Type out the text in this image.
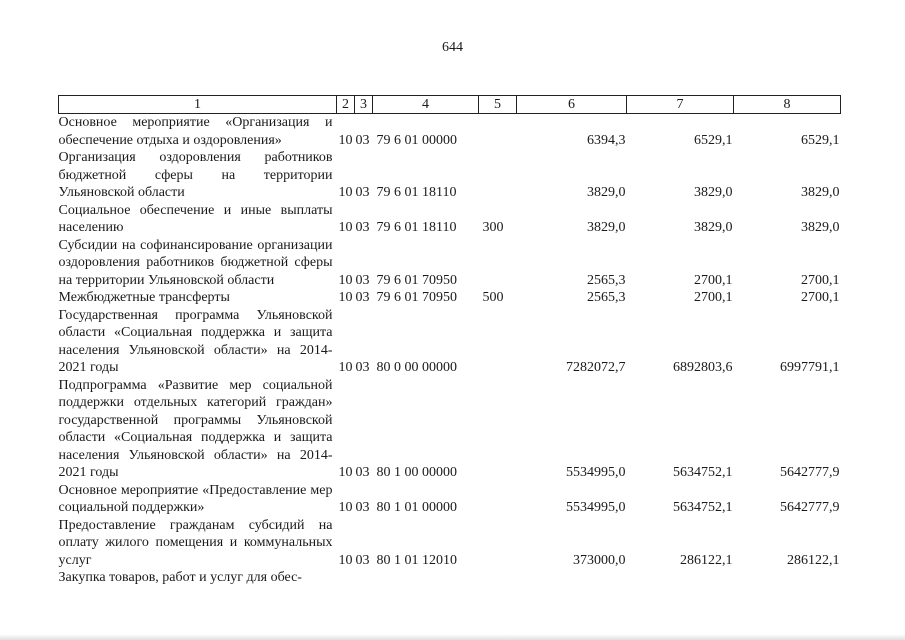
644
1	2	3	4	5	6	7	8
Основное мероприятие «Организация и обеспечение отдыха и оздоровления»	10	03	79 6 01 00000		6394,3	6529,1	6529,1
Организация оздоровления работников бюджетной сферы на территории Ульяновской области	10	03	79 6 01 18110		3829,0	3829,0	3829,0
Социальное обеспечение и иные выплаты населению	10	03	79 6 01 18110	300	3829,0	3829,0	3829,0
Субсидии на софинансирование организации оздоровления работников бюджетной сферы на территории Ульяновской области	10	03	79 6 01 70950		2565,3	2700,1	2700,1
Межбюджетные трансферты	10	03	79 6 01 70950	500	2565,3	2700,1	2700,1
Государственная программа Ульяновской области «Социальная поддержка и защита населения Ульяновской области» на 2014-2021 годы	10	03	80 0 00 00000		7282072,7	6892803,6	6997791,1
Подпрограмма «Развитие мер социальной поддержки отдельных категорий граждан» государственной программы Ульяновской области «Социальная поддержка и защита населения Ульяновской области» на 2014-2021 годы	10	03	80 1 00 00000		5534995,0	5634752,1	5642777,9
Основное мероприятие «Предоставление мер социальной поддержки»	10	03	80 1 01 00000		5534995,0	5634752,1	5642777,9
Предоставление гражданам субсидий на оплату жилого помещения и коммунальных услуг	10	03	80 1 01 12010		373000,0	286122,1	286122,1
Закупка товаров, работ и услуг для обес-							
